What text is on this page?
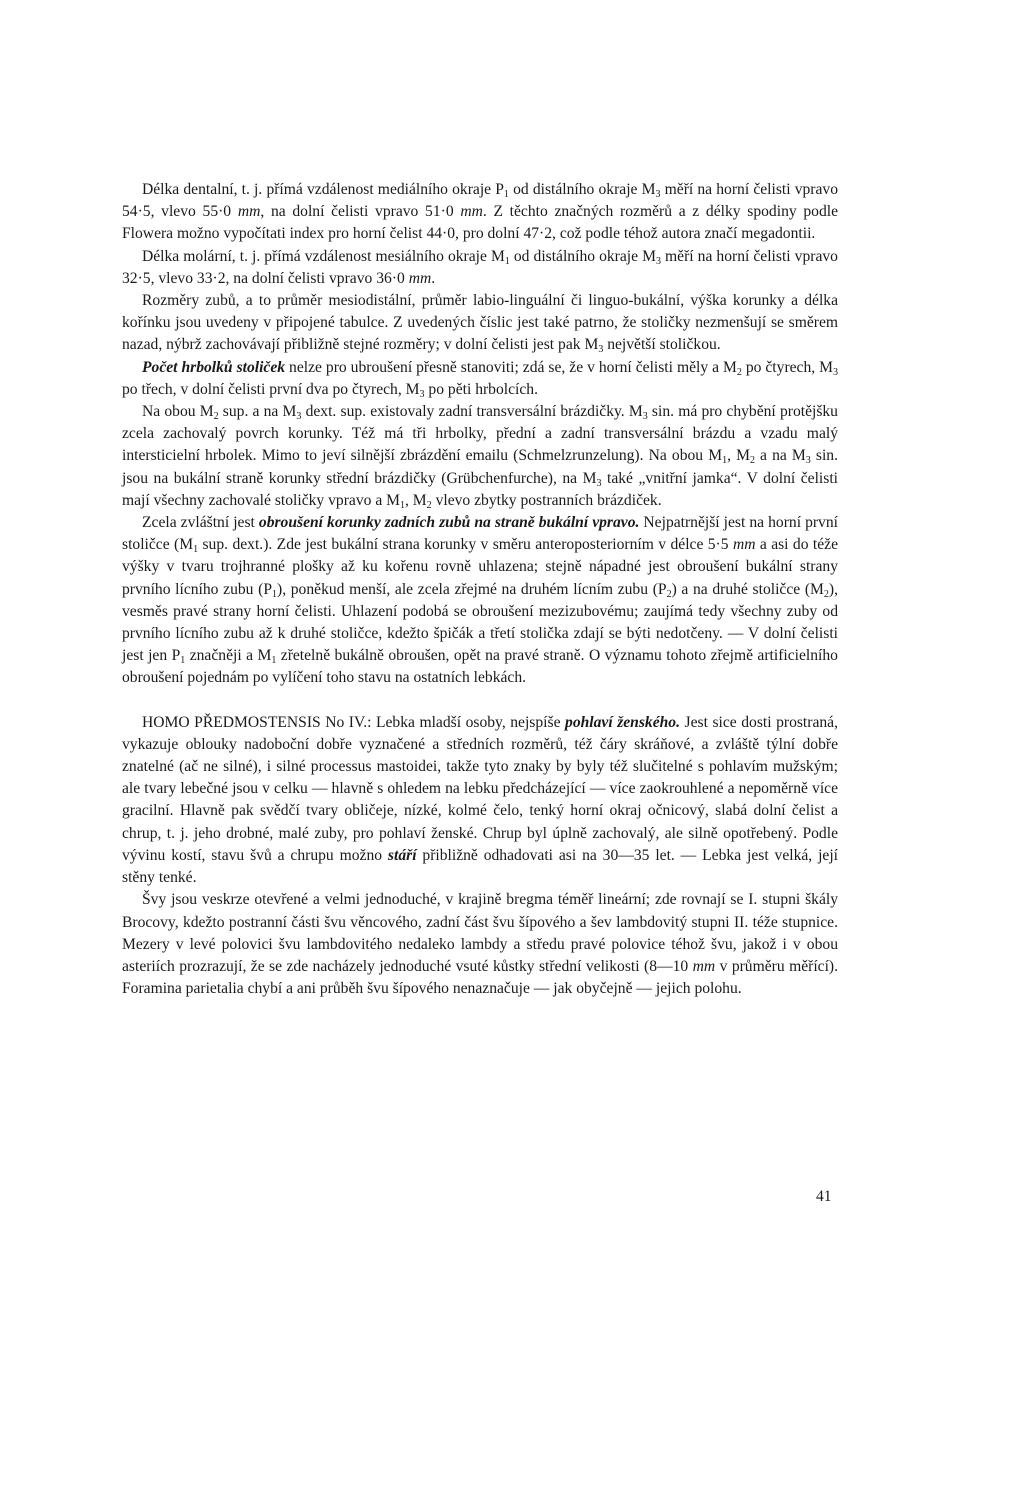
Délka dentalní, t. j. přímá vzdálenost mediálního okraje $P_1$ od distálního okraje $M_3$ měří na horní čelisti vpravo 54·5, vlevo 55·0 mm, na dolní čelisti vpravo 51·0 mm. Z těchto značných rozměrů a z délky spodiny podle Flowera možno vypočítati index pro horní čelist 44·0, pro dolní 47·2, což podle téhož autora značí megadontii.

Délka molární, t. j. přímá vzdálenost mesiálního okraje $M_1$ od distálního okraje $M_3$ měří na horní čelisti vpravo 32·5, vlevo 33·2, na dolní čelisti vpravo 36·0 mm.

Rozměry zubů, a to průměr mesiodistální, průměr labio-linguální či linguo-bukální, výška korunky a délka kořínku jsou uvedeny v připojené tabulce. Z uvedených číslic jest také patrno, že stoličky nezmenšují se směrem nazad, nýbrž zachovávají přibližně stejné rozměry; v dolní čelisti jest pak $M_3$ největší stoličkou.

Počet hrbolků stoliček nelze pro ubroušení přesně stanoviti; zdá se, že v horní čelisti měly a $M_2$ po čtyrech, $M_3$ po třech, v dolní čelisti první dva po čtyrech, $M_3$ po pěti hrbolcích.

Na obou $M_2$ sup. a na $M_3$ dext. sup. existovaly zadní transversální brázdičky. $M_3$ sin. má pro chybění protějšku zcela zachovalý povrch korunky. Též má tři hrbolky, přední a zadní transversální brázdu a vzadu malý intersticielní hrbolek. Mimo to jeví silnější zbrázdění emailu (Schmelzrunzelung). Na obou $M_1$, $M_2$ a na $M_3$ sin. jsou na bukální straně korunky střední brázdičky (Grübchenfurche), na $M_3$ také „vnitřní jamka“. V dolní čelisti mají všechny zachovalé stoličky vpravo a $M_1$, $M_2$ vlevo zbytky postranních brázdiček.

Zcela zvláštní jest obroušení korunky zadních zubů na straně bukální vpravo. Nejpatrnější jest na horní první stoličce ($M_1$ sup. dext.). Zde jest bukální strana korunky v směru anteroposteriorním v délce 5·5 mm a asi do téže výšky v tvaru trojhranné plošky až ku kořenu rovně uhlazena; stejně nápadné jest obroušení bukální strany prvního lícního zubu $(P_1)$, poněkud menší, ale zcela zřejmé na druhém lícním zubu $(P_2)$ a na druhé stoličce $(M_2)$, vesměs pravé strany horní čelisti. Uhlazení podobá se obroušení mezizubovému; zaujímá tedy všechny zuby od prvního lícního zubu až k druhé stoličce, kdežto špičák a třetí stolička zdají se býti nedotčeny. — V dolní čelisti jest jen $P_1$ značněji a $M_1$ zřetelně bukálně obroušen, opět na pravé straně. O významu tohoto zřejmě artificielního obroušení pojednám po vylíčení toho stavu na ostatních lebkách.

HOMO PŘEDMOSTENSIS No IV.: Lebka mladší osoby, nejspíše pohlaví ženského. Jest sice dosti prostraná, vykazuje oblouky nadoboční dobře vyznačené a středních rozměrů, též čáry skráňové, a zvláště týlní dobře znatelné (ač ne silné), i silné processus mastoidei, takže tyto znaky by byly též slučitelné s pohlavím mužským; ale tvary lebečné jsou v celku — hlavně s ohledem na lebku předcházející — více zaokrouhlené a nepoměrně více gracilní. Hlavně pak svědčí tvary obličeje, nízké, kolmé čelo, tenký horní okraj očnicový, slabá dolní čelist a chrup, t. j. jeho drobné, malé zuby, pro pohlaví ženské. Chrup byl úplně zachovalý, ale silně opotřebený. Podle vývinu kostí, stavu švů a chrupu možno stáří přibližně odhadovati asi na 30—35 let. — Lebka jest velká, její stěny tenké.

Švy jsou veskrze otevřené a velmi jednoduché, v krajině bregma téměř lineární; zde rovnají se I. stupni škály Brocovy, kdežto postranní části švu věncového, zadní část švu šípového a šev lambdovitý stupni II. téže stupnice. Mezery v levé polovici švu lambdovitého nedaleko lambdy a středu pravé polovice téhož švu, jakož i v obou asteriích prozrazují, že se zde nacházely jednoduché vsuté kůstky střední velikosti (8—10 mm v průměru měřící). Foramina parietalia chybí a ani průběh švu šípového nenaznačuje — jak obyčejně — jejich polohu.

41
